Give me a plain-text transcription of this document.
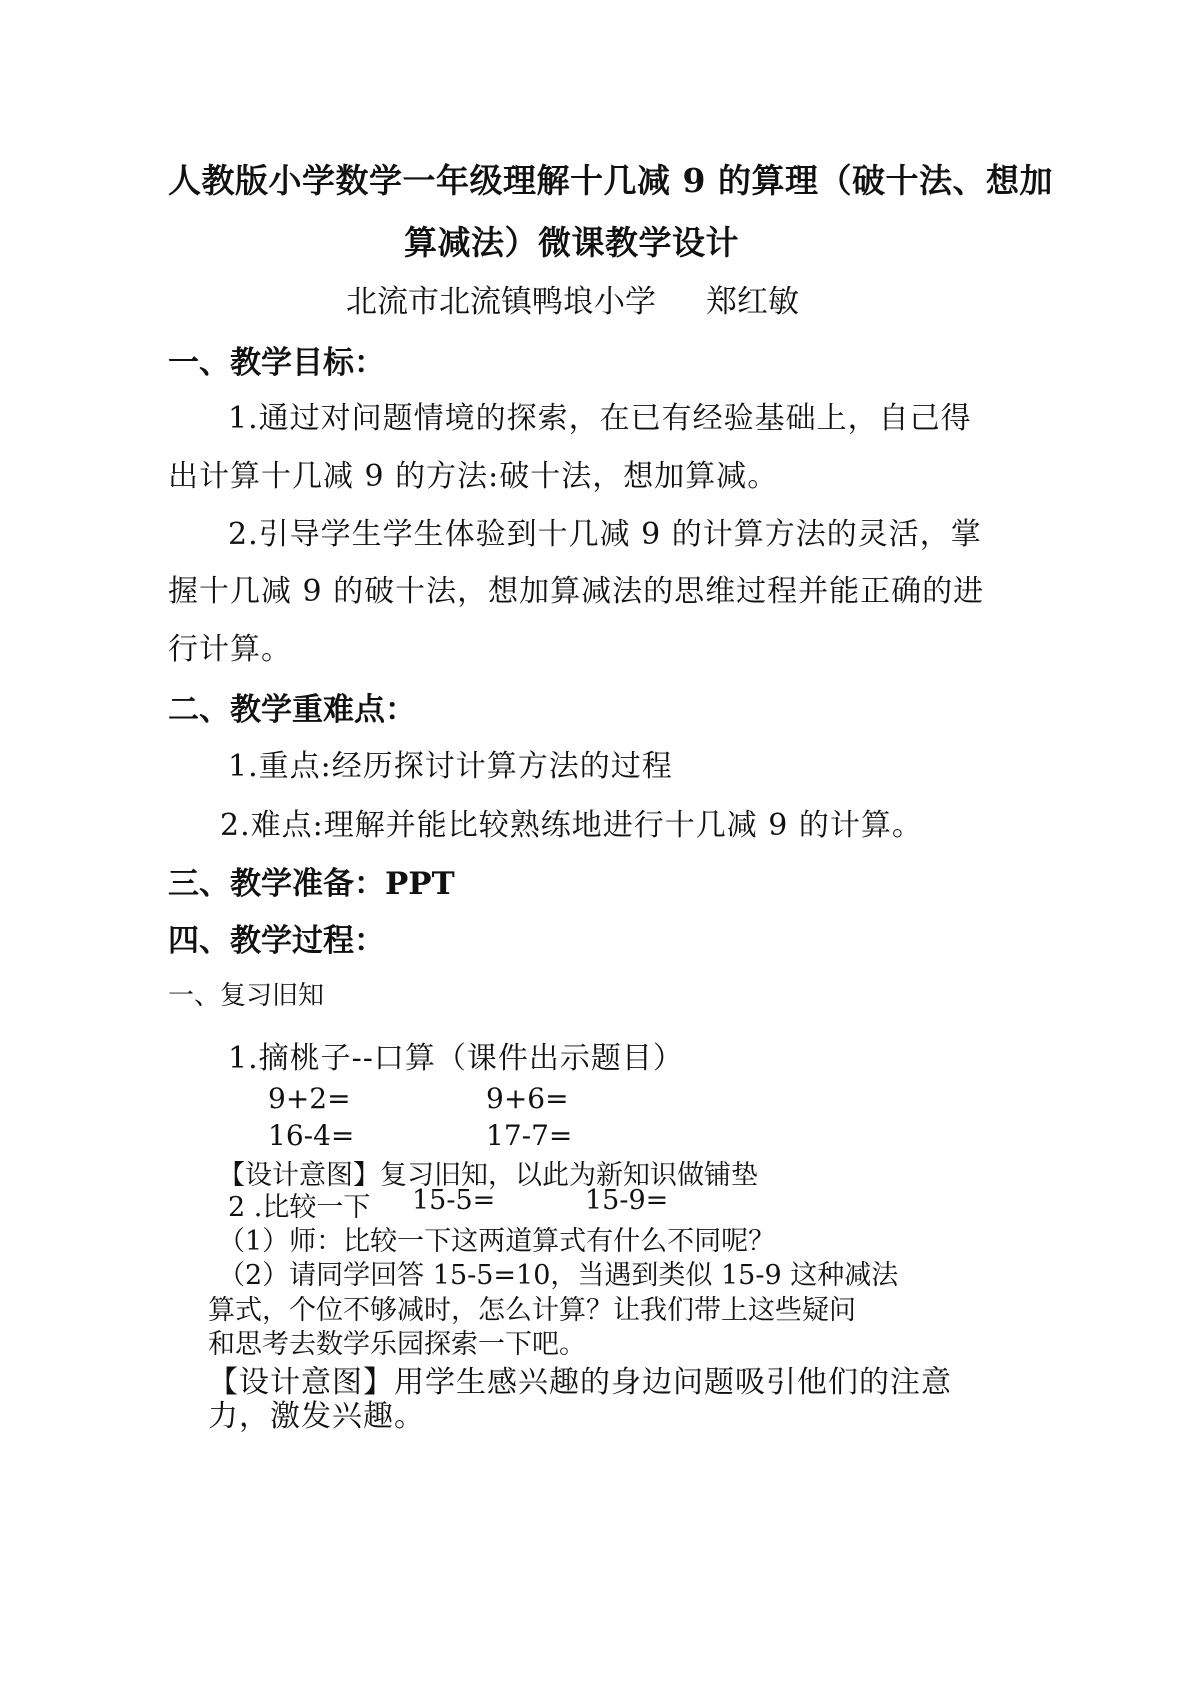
人教版小学数学一年级理解十几减 9 的算理（破十法、想加
算减法）微课教学设计
北流市北流镇鸭埌小学 郑红敏
一、教学目标：
1.通过对问题情境的探索，在已有经验基础上，自己得
出计算十几减 9 的方法:破十法，想加算减。
2.引导学生学生体验到十几减 9 的计算方法的灵活，掌
握十几减 9 的破十法，想加算减法的思维过程并能正确的进
行计算。
二、教学重难点：
1.重点:经历探讨计算方法的过程
2.难点:理解并能比较熟练地进行十几减 9 的计算。
三、教学准备：PPT
四、教学过程：
一、复习旧知
1.摘桃子--口算（课件出示题目）
9+2=	9+6=
16-4=	17-7=
【设计意图】复习旧知，以此为新知识做铺垫
2 .比较一下 15-5=	15-9=
（1）师：比较一下这两道算式有什么不同呢？
（2）请同学回答 15-5=10，当遇到类似 15-9 这种减法
算式，个位不够减时，怎么计算？让我们带上这些疑问
和思考去数学乐园探索一下吧。
【设计意图】用学生感兴趣的身边问题吸引他们的注意
力，激发兴趣。
